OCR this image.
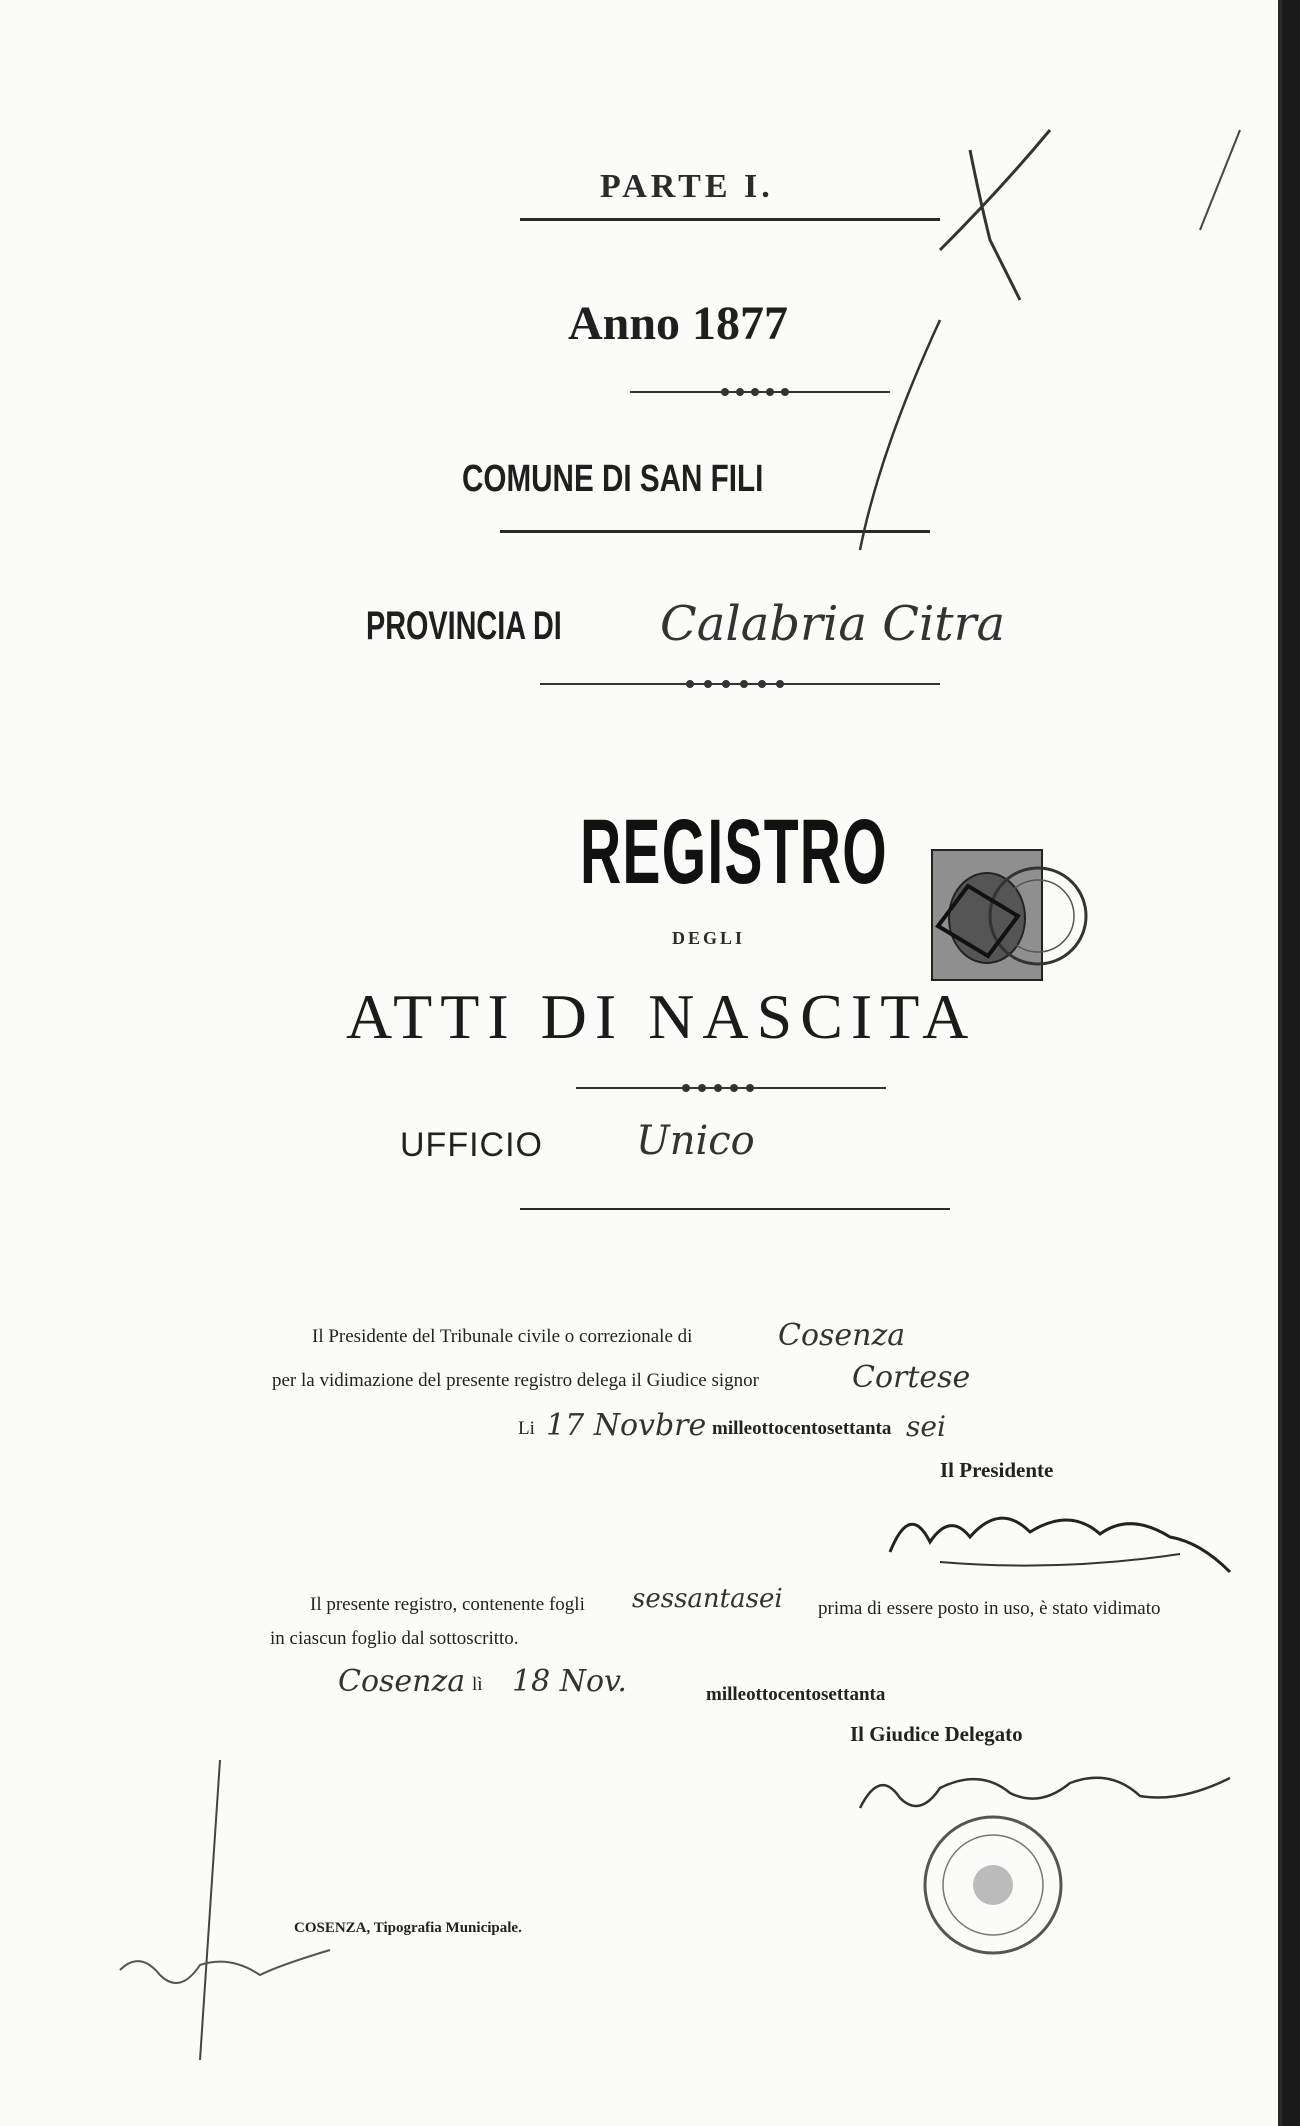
PARTE I.
Anno 1877
COMUNE DI SAN FILI
PROVINCIA DI Calabria Citra
REGISTRO
DEGLI
ATTI DI NASCITA
UFFICIO Unico
Il Presidente del Tribunale civile o correzionale di	Cosenza
per la vidimazione del presente registro delega il Giudice signor	Cortese
Li 17 Novbre milleottocentosettanta sei
Il Presidente
Il presente registro, contenente fogli sessantasei prima di essere posto in uso, è stato vidimato
in ciascun foglio dal sottoscritto.
Cosenza lì 18 Nov.	milleottocentosettanta
Il Giudice Delegato
COSENZA, Tipografia Municipale.
